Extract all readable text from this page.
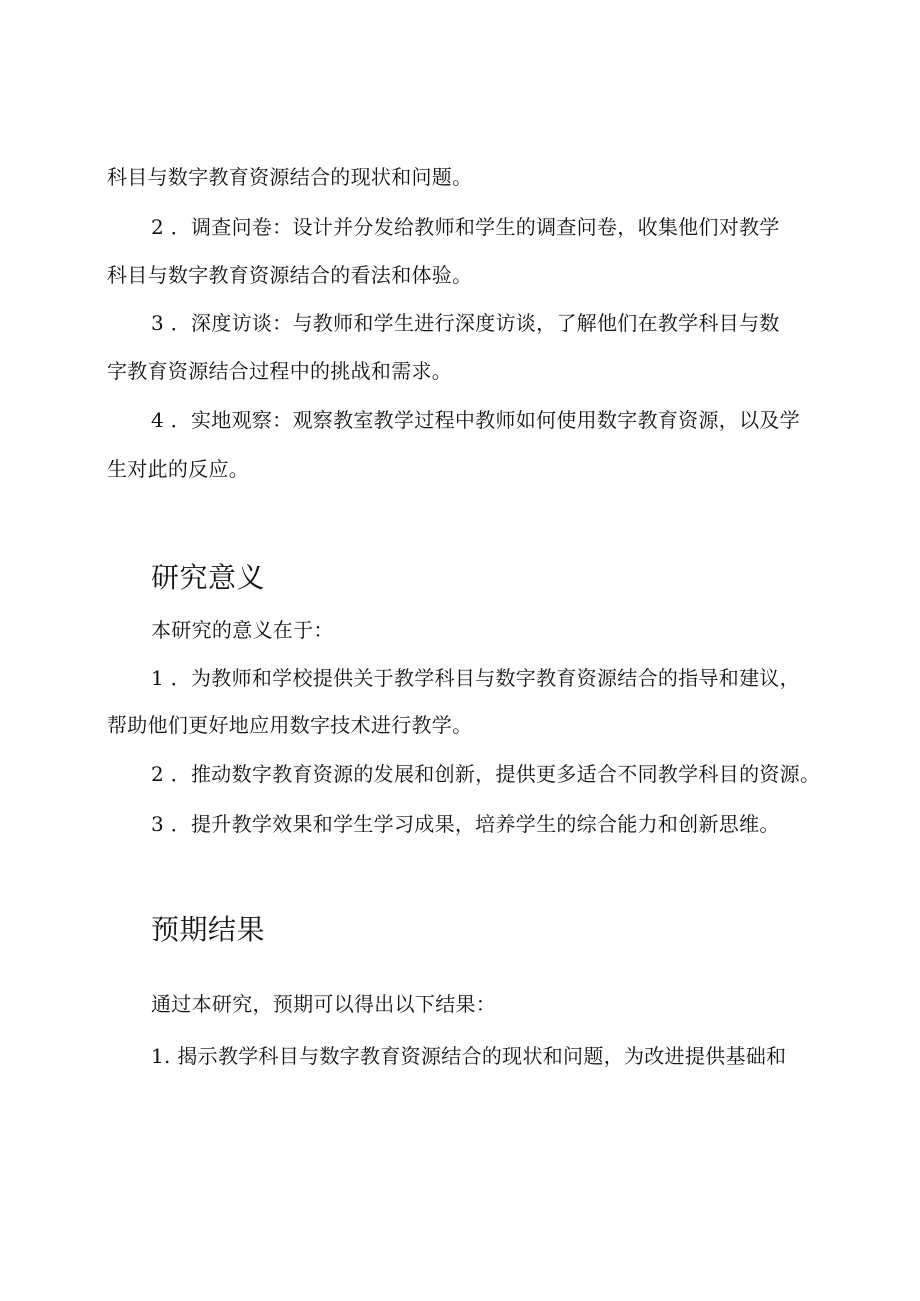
科目与数字教育资源结合的现状和问题。
2 ．调查问卷：设计并分发给教师和学生的调查问卷，收集他们对教学
科目与数字教育资源结合的看法和体验。
3 ．深度访谈：与教师和学生进行深度访谈，了解他们在教学科目与数
字教育资源结合过程中的挑战和需求。
4 ．实地观察：观察教室教学过程中教师如何使用数字教育资源，以及学
生对此的反应。
研究意义
本研究的意义在于：
1 ．为教师和学校提供关于教学科目与数字教育资源结合的指导和建议，
帮助他们更好地应用数字技术进行教学。
2 ．推动数字教育资源的发展和创新，提供更多适合不同教学科目的资源。
3 ．提升教学效果和学生学习成果，培养学生的综合能力和创新思维。
预期结果
通过本研究，预期可以得出以下结果：
1. 揭示教学科目与数字教育资源结合的现状和问题，为改进提供基础和
